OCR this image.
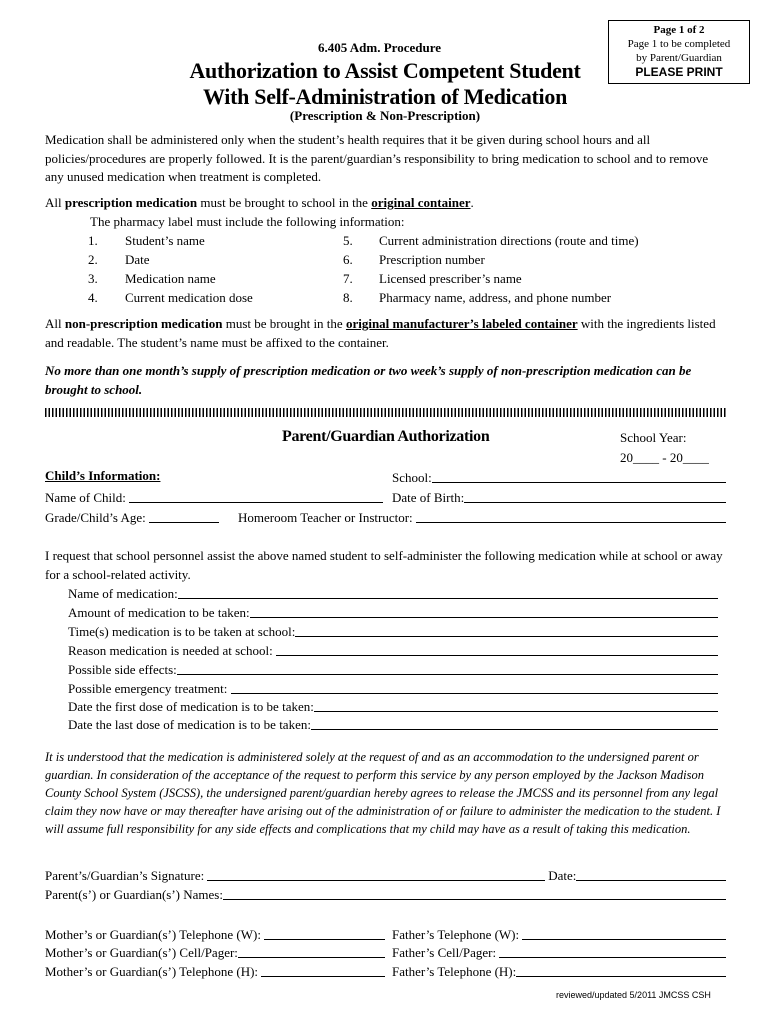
6.405 Adm. Procedure
Authorization to Assist Competent Student
With Self-Administration of Medication
(Prescription & Non-Prescription)
Page 1 of 2
Page 1 to be completed
by Parent/Guardian
PLEASE PRINT
Medication shall be administered only when the student’s health requires that it be given during school hours and all policies/procedures are properly followed. It is the parent/guardian’s responsibility to bring medication to school and to remove any unused medication when treatment is completed.
All prescription medication must be brought to school in the original container.
The pharmacy label must include the following information:
1.	Student’s name	5.	Current administration directions (route and time)
2.	Date	6.	Prescription number
3.	Medication name	7.	Licensed prescriber’s name
4.	Current medication dose	8.	Pharmacy name, address, and phone number
All non-prescription medication must be brought in the original manufacturer’s labeled container with the ingredients listed and readable. The student’s name must be affixed to the container.
No more than one month’s supply of prescription medication or two week’s supply of non-prescription medication can be brought to school.
Parent/Guardian Authorization	School Year:
20____ - 20____
Child’s Information:	School:
Name of Child:	Date of Birth:
Grade/Child’s Age:	Homeroom Teacher or Instructor:
I request that school personnel assist the above named student to self-administer the following medication while at school or away for a school-related activity.
Name of medication:
Amount of medication to be taken:
Time(s) medication is to be taken at school:
Reason medication is needed at school:
Possible side effects:
Possible emergency treatment:
Date the first dose of medication is to be taken:
Date the last dose of medication is to be taken:
It is understood that the medication is administered solely at the request of and as an accommodation to the undersigned parent or guardian. In consideration of the acceptance of the request to perform this service by any person employed by the Jackson Madison County School System (JSCSS), the undersigned parent/guardian hereby agrees to release the JMCSS and its personnel from any legal claim they now have or may thereafter have arising out of the administration of or failure to administer the medication to the student. I will assume full responsibility for any side effects and complications that my child may have as a result of taking this medication.
Parent’s/Guardian’s Signature:	Date:
Parent(s’) or Guardian(s’) Names:
Mother’s or Guardian(s’) Telephone (W):	Father’s Telephone (W):
Mother’s or Guardian(s’) Cell/Pager:	Father’s Cell/Pager:
Mother’s or Guardian(s’) Telephone (H):	Father’s Telephone (H):
reviewed/updated 5/2011 JMCSS CSH
